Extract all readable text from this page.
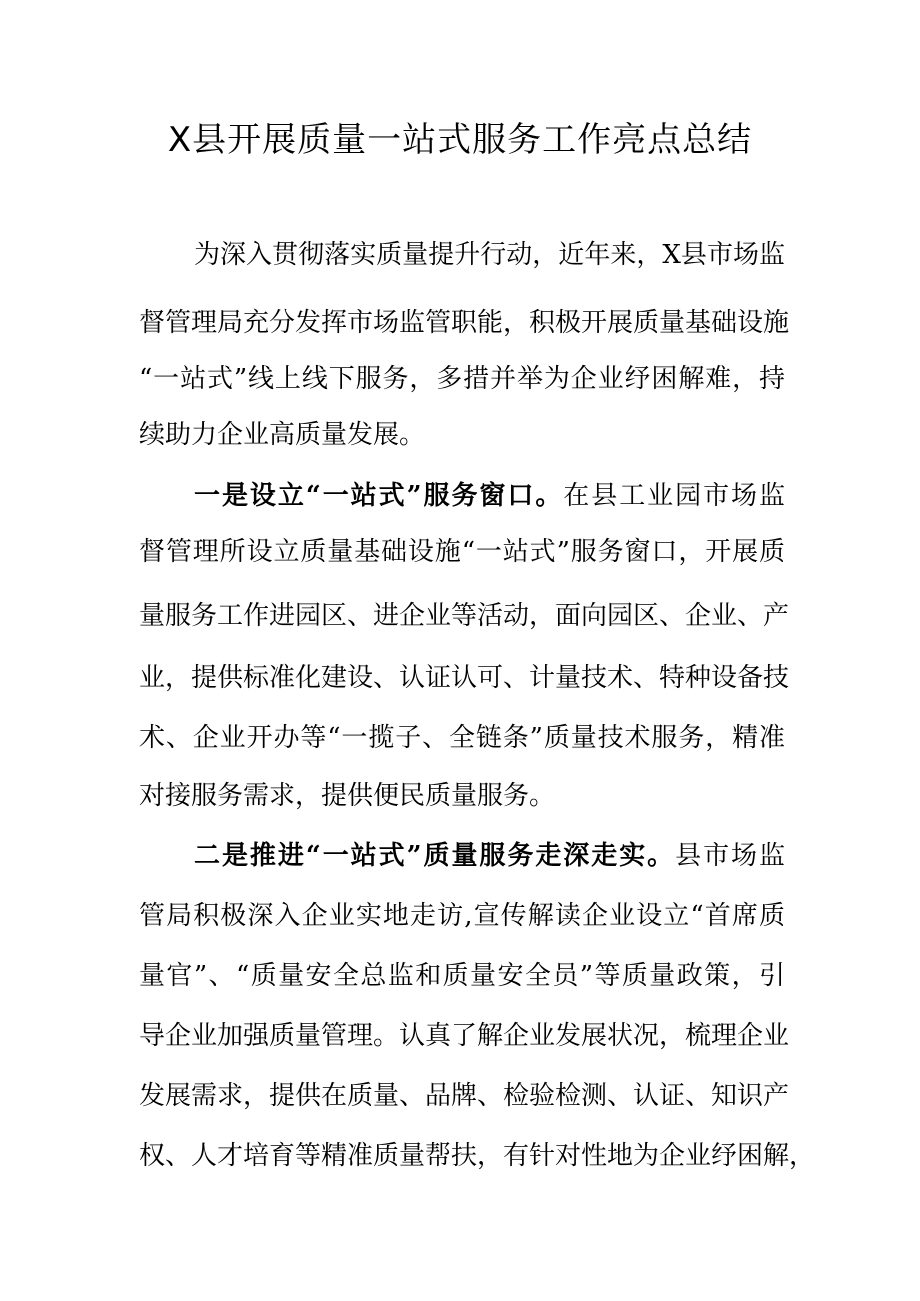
X县开展质量一站式服务工作亮点总结
为深入贯彻落实质量提升行动，近年来，X县市场监
督管理局充分发挥市场监管职能，积极开展质量基础设施
“一站式”线上线下服务，多措并举为企业纾困解难，持
续助力企业高质量发展。
一是设立“一站式”服务窗口。在县工业园市场监
督管理所设立质量基础设施“一站式”服务窗口，开展质
量服务工作进园区、进企业等活动，面向园区、企业、产
业，提供标准化建设、认证认可、计量技术、特种设备技
术、企业开办等“一揽子、全链条”质量技术服务，精准
对接服务需求，提供便民质量服务。
二是推进“一站式”质量服务走深走实。县市场监
管局积极深入企业实地走访,宣传解读企业设立“首席质
量官”、“质量安全总监和质量安全员”等质量政策，引
导企业加强质量管理。认真了解企业发展状况，梳理企业
发展需求，提供在质量、品牌、检验检测、认证、知识产
权、人才培育等精准质量帮扶，有针对性地为企业纾困解，
